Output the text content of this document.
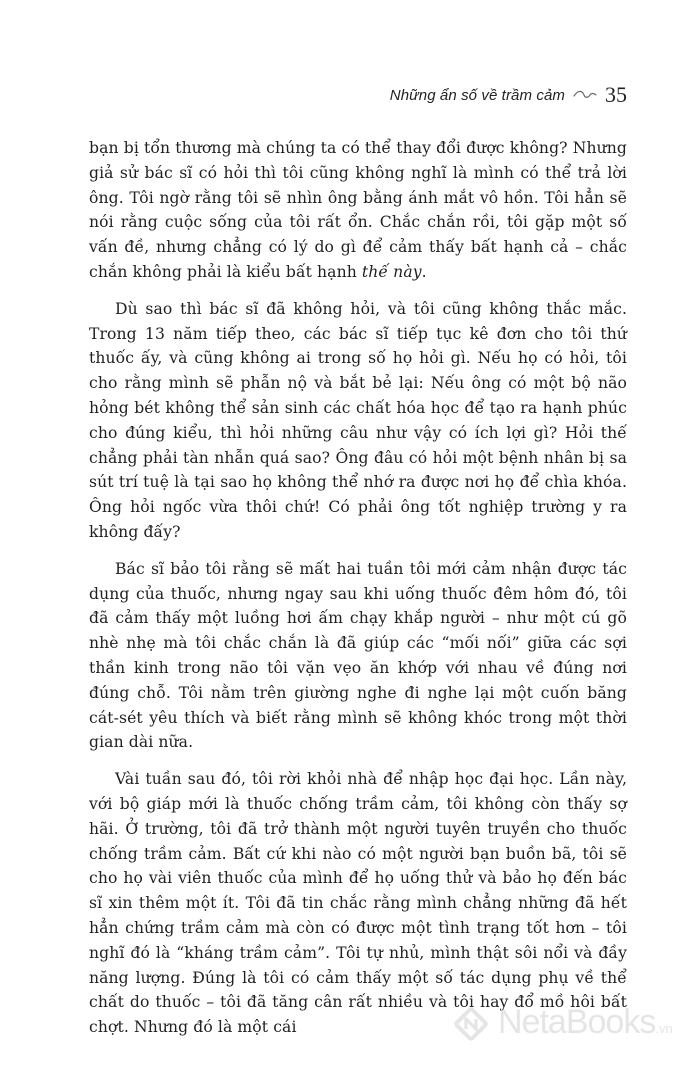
Những ẩn số về trầm cảm 35

bạn bị tổn thương mà chúng ta có thể thay đổi được không? Nhưng giả sử bác sĩ có hỏi thì tôi cũng không nghĩ là mình có thể trả lời ông. Tôi ngờ rằng tôi sẽ nhìn ông bằng ánh mắt vô hồn. Tôi hẳn sẽ nói rằng cuộc sống của tôi rất ổn. Chắc chắn rồi, tôi gặp một số vấn đề, nhưng chẳng có lý do gì để cảm thấy bất hạnh cả – chắc chắn không phải là kiểu bất hạnh thế này.

Dù sao thì bác sĩ đã không hỏi, và tôi cũng không thắc mắc. Trong 13 năm tiếp theo, các bác sĩ tiếp tục kê đơn cho tôi thứ thuốc ấy, và cũng không ai trong số họ hỏi gì. Nếu họ có hỏi, tôi cho rằng mình sẽ phẫn nộ và bắt bẻ lại: Nếu ông có một bộ não hỏng bét không thể sản sinh các chất hóa học để tạo ra hạnh phúc cho đúng kiểu, thì hỏi những câu như vậy có ích lợi gì? Hỏi thế chẳng phải tàn nhẫn quá sao? Ông đâu có hỏi một bệnh nhân bị sa sút trí tuệ là tại sao họ không thể nhớ ra được nơi họ để chìa khóa. Ông hỏi ngốc vừa thôi chứ! Có phải ông tốt nghiệp trường y ra không đấy?

Bác sĩ bảo tôi rằng sẽ mất hai tuần tôi mới cảm nhận được tác dụng của thuốc, nhưng ngay sau khi uống thuốc đêm hôm đó, tôi đã cảm thấy một luồng hơi ấm chạy khắp người – như một cú gõ nhè nhẹ mà tôi chắc chắn là đã giúp các “mối nối” giữa các sợi thần kinh trong não tôi vặn vẹo ăn khớp với nhau về đúng nơi đúng chỗ. Tôi nằm trên giường nghe đi nghe lại một cuốn băng cát-sét yêu thích và biết rằng mình sẽ không khóc trong một thời gian dài nữa.

Vài tuần sau đó, tôi rời khỏi nhà để nhập học đại học. Lần này, với bộ giáp mới là thuốc chống trầm cảm, tôi không còn thấy sợ hãi. Ở trường, tôi đã trở thành một người tuyên truyền cho thuốc chống trầm cảm. Bất cứ khi nào có một người bạn buồn bã, tôi sẽ cho họ vài viên thuốc của mình để họ uống thử và bảo họ đến bác sĩ xin thêm một ít. Tôi đã tin chắc rằng mình chẳng những đã hết hẳn chứng trầm cảm mà còn có được một tình trạng tốt hơn – tôi nghĩ đó là “kháng trầm cảm”. Tôi tự nhủ, mình thật sôi nổi và đầy năng lượng. Đúng là tôi có cảm thấy một số tác dụng phụ về thể chất do thuốc – tôi đã tăng cân rất nhiều và tôi hay đổ mồ hôi bất chợt. Nhưng đó là một cái	NetaBooks.vn
